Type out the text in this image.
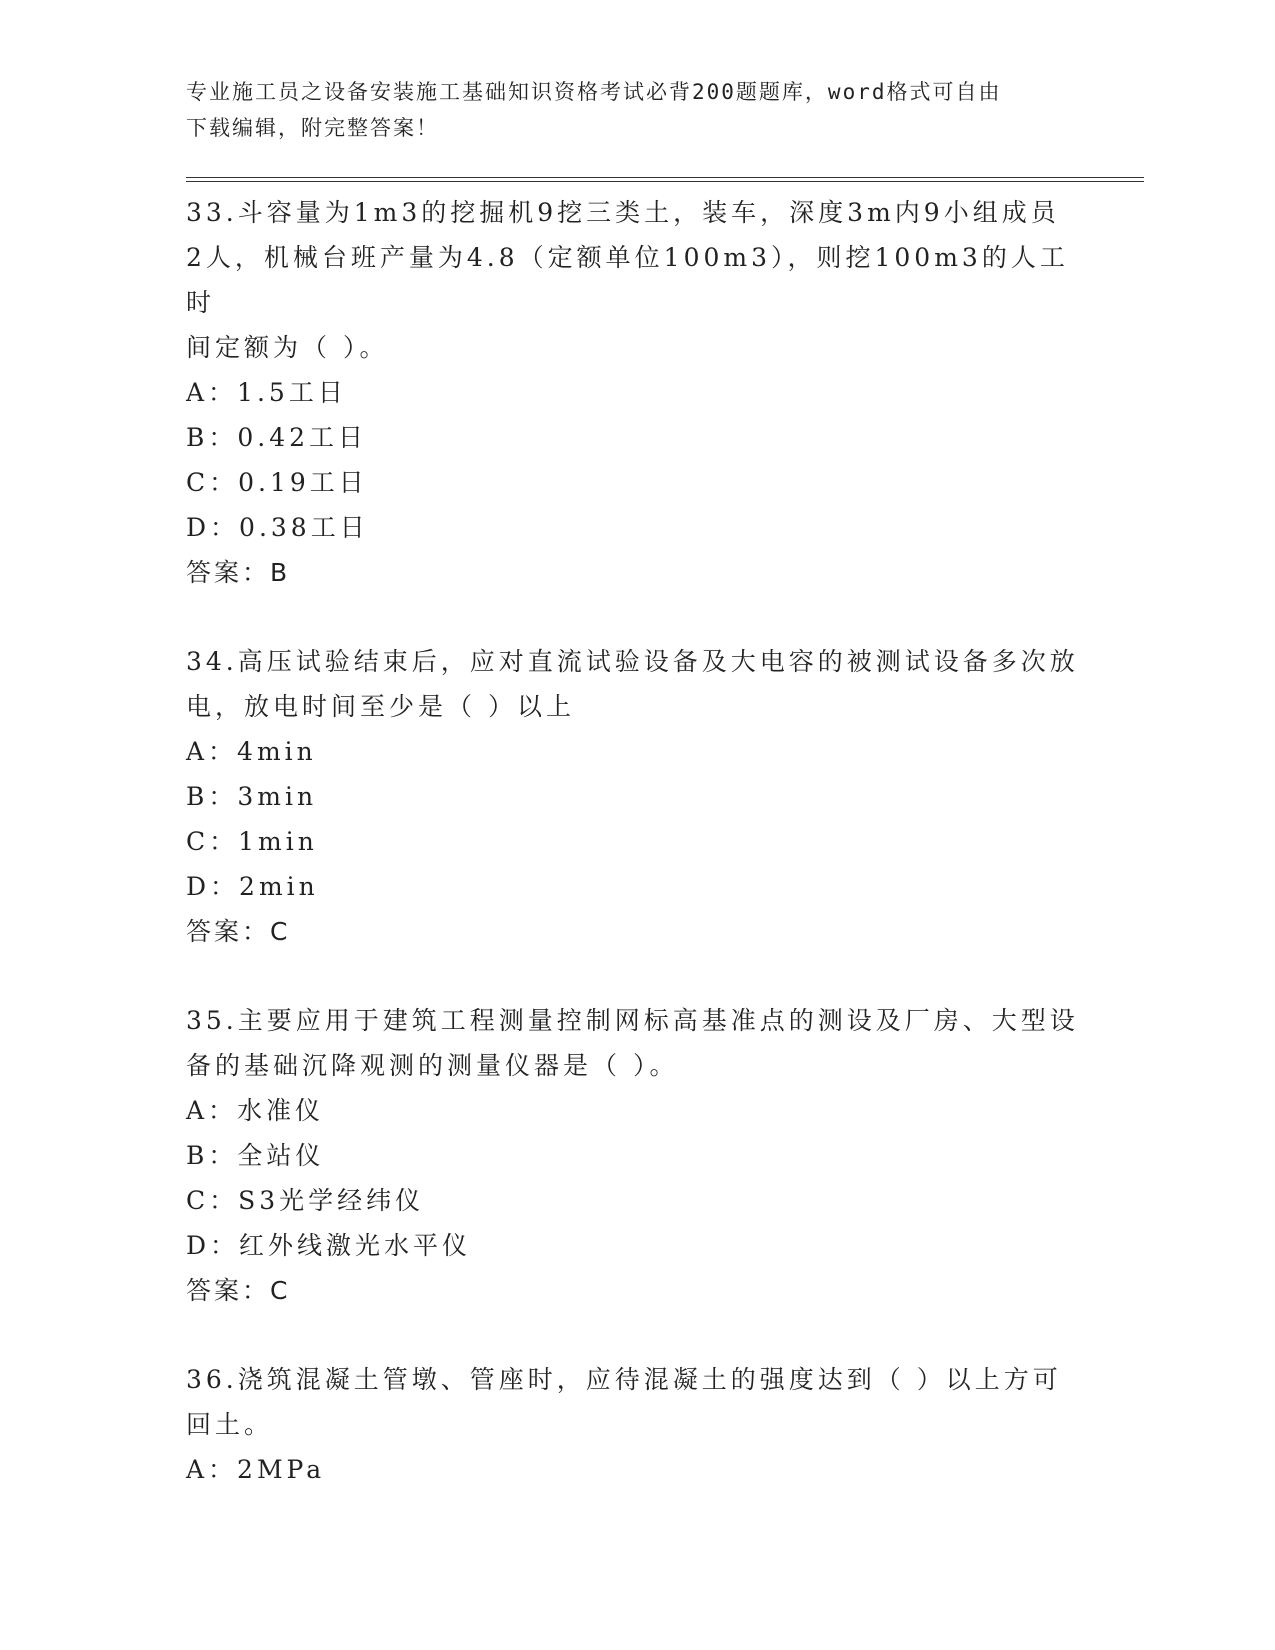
专业施工员之设备安装施工基础知识资格考试必背200题题库，word格式可自由
下载编辑，附完整答案！

33.斗容量为1m3的挖掘机9挖三类土，装车，深度3m内9小组成员

2人，机械台班产量为4.8（定额单位100m3），则挖100m3的人工时

间定额为（ ）。

A：1.5工日

B：0.42工日

C：0.19工日

D：0.38工日

答案：B

34.高压试验结束后，应对直流试验设备及大电容的被测试设备多次放

电，放电时间至少是（ ）以上

A：4min

B：3min

C：1min

D：2min

答案：C

35.主要应用于建筑工程测量控制网标高基准点的测设及厂房、大型设

备的基础沉降观测的测量仪器是（ ）。

A：水准仪

B：全站仪

C：S3光学经纬仪

D：红外线激光水平仪

答案：C

36.浇筑混凝土管墩、管座时，应待混凝土的强度达到（ ）以上方可

回土。

A：2MPa
